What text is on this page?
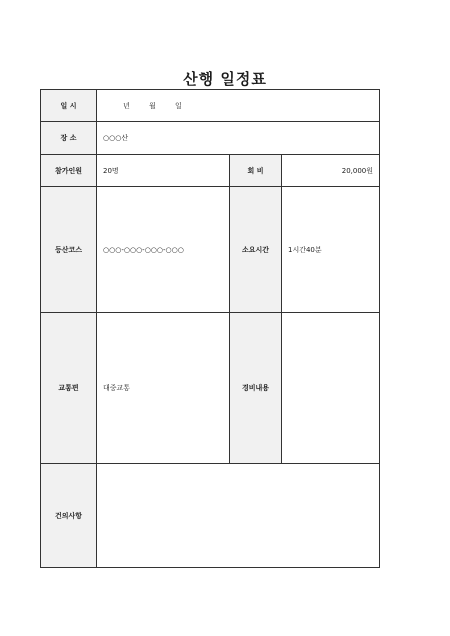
산행 일정표
일 시	년 월 일		

장 소	○○○산		
참가인원	20명	회 비	20,000원
등산코스	○○○-○○○-○○○-○○○	소요시간	1시간40분
교통편	대중교통	경비내용	
건의사항			
